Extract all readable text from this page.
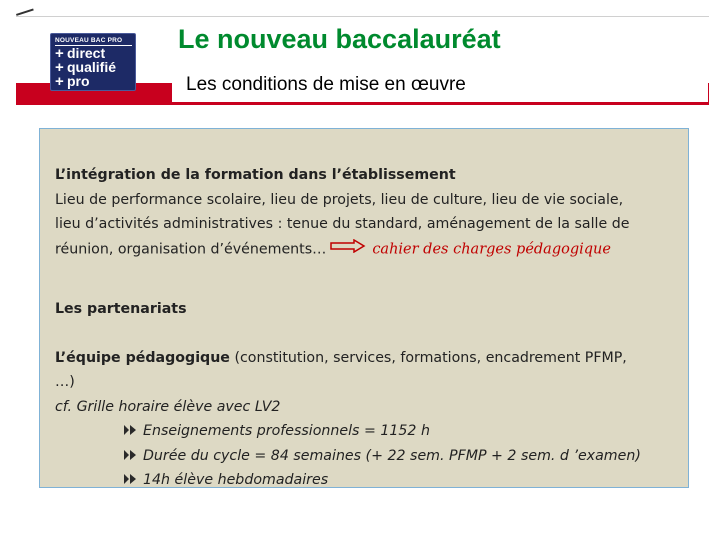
NOUVEAU BAC PRO
+ direct
+ qualifié
+ pro
Le nouveau baccalauréat
Les conditions de mise en œuvre

L’intégration de la formation dans l’établissement

Lieu de performance scolaire, lieu de projets, lieu de culture, lieu de vie sociale,

lieu d’activités administratives : tenue du standard, aménagement de la salle de

réunion, organisation d’événements…	cahier des charges pédagogique

Les partenariats

L’équipe pédagogique (constitution, services, formations, encadrement PFMP,

…)

cf. Grille horaire élève avec LV2

Enseignements professionnels = 1152 h

Durée du cycle = 84 semaines (+ 22 sem. PFMP + 2 sem. d ’examen)

14h élève hebdomadaires
